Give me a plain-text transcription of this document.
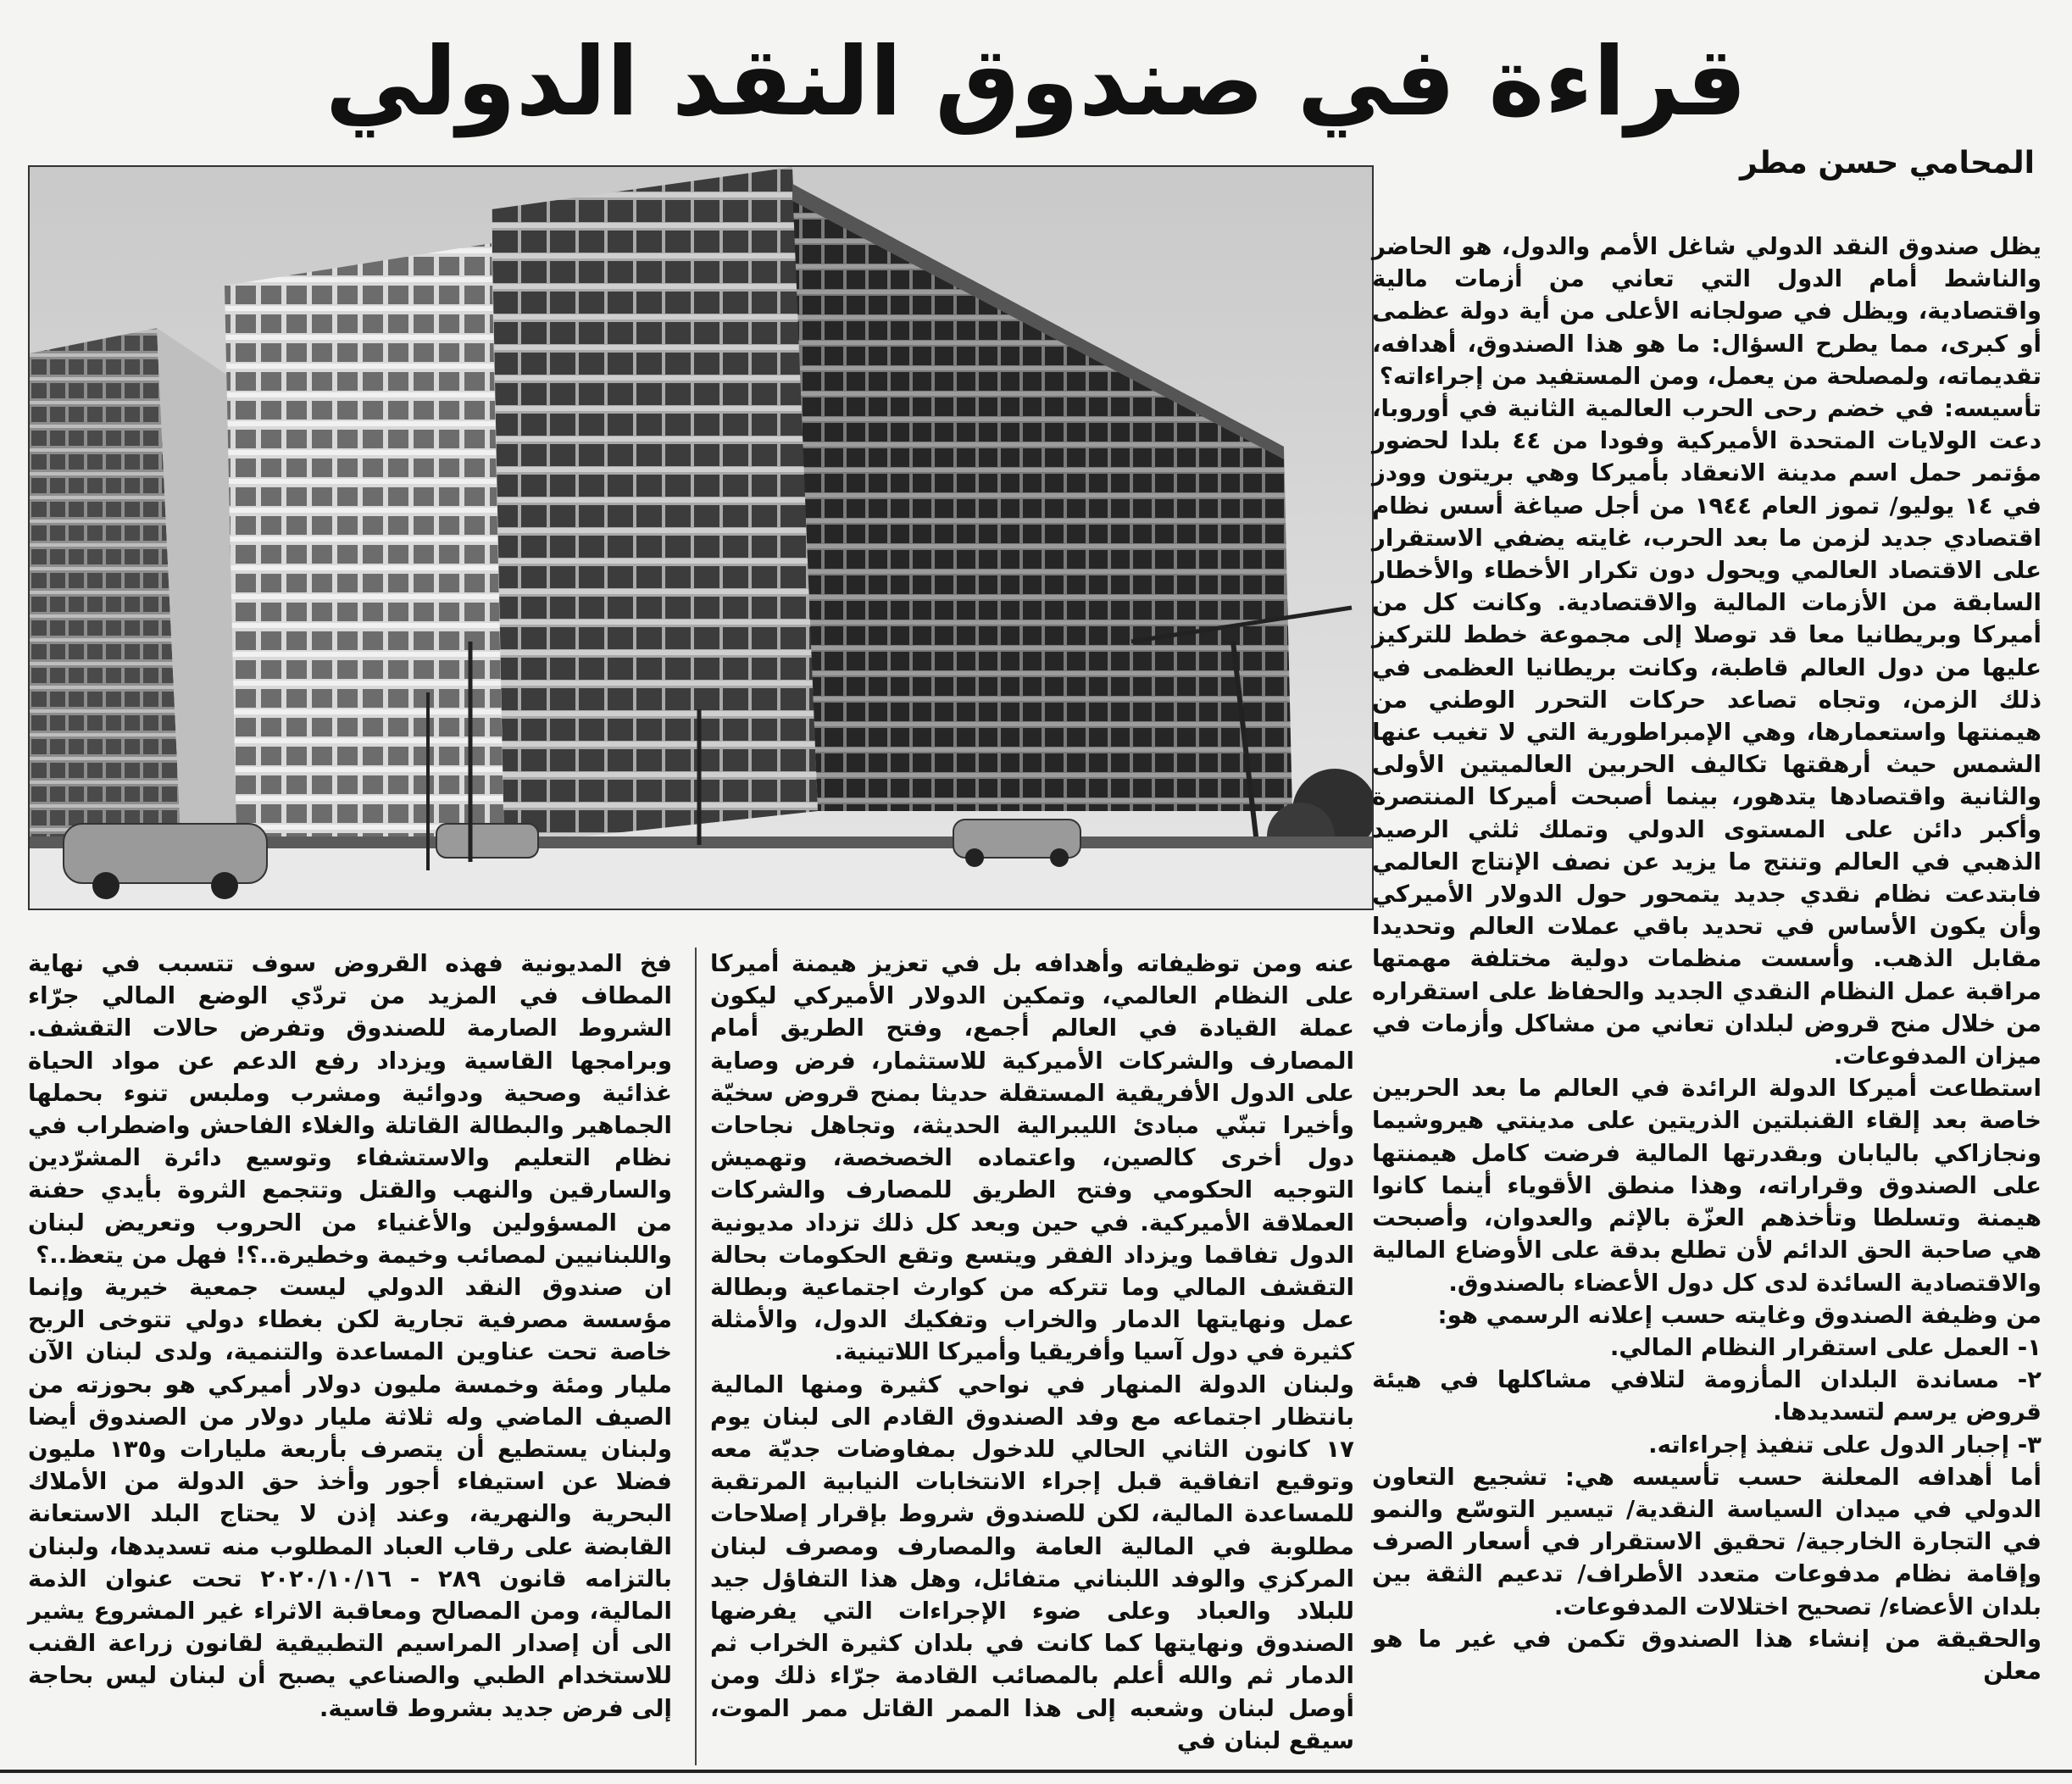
قراءة في صندوق النقد الدولي
المحامي حسن مطر

يظل صندوق النقد الدولي شاغل الأمم والدول، هو الحاضر والناشط أمام الدول التي تعاني من أزمات مالية واقتصادية، ويظل في صولجانه الأعلى من أية دولة عظمى أو كبرى، مما يطرح السؤال: ما هو هذا الصندوق، أهدافه، تقديماته، ولمصلحة من يعمل، ومن المستفيد من إجراءاته؟

تأسيسه: في خضم رحى الحرب العالمية الثانية في أوروبا، دعت الولايات المتحدة الأميركية وفودا من ٤٤ بلدا لحضور مؤتمر حمل اسم مدينة الانعقاد بأميركا وهي بريتون وودز في ١٤ يوليو/ تموز العام ١٩٤٤ من أجل صياغة أسس نظام اقتصادي جديد لزمن ما بعد الحرب، غايته يضفي الاستقرار على الاقتصاد العالمي ويحول دون تكرار الأخطاء والأخطار السابقة من الأزمات المالية والاقتصادية. وكانت كل من أميركا وبريطانيا معا قد توصلا إلى مجموعة خطط للتركيز عليها من دول العالم قاطبة، وكانت بريطانيا العظمى في ذلك الزمن، وتجاه تصاعد حركات التحرر الوطني من هيمنتها واستعمارها، وهي الإمبراطورية التي لا تغيب عنها الشمس حيث أرهقتها تكاليف الحربين العالميتين الأولى والثانية واقتصادها يتدهور، بينما أصبحت أميركا المنتصرة وأكبر دائن على المستوى الدولي وتملك ثلثي الرصيد الذهبي في العالم وتنتج ما يزيد عن نصف الإنتاج العالمي فابتدعت نظام نقدي جديد يتمحور حول الدولار الأميركي وأن يكون الأساس في تحديد باقي عملات العالم وتحديدا مقابل الذهب. وأسست منظمات دولية مختلفة مهمتها مراقبة عمل النظام النقدي الجديد والحفاظ على استقراره من خلال منح قروض لبلدان تعاني من مشاكل وأزمات في ميزان المدفوعات.

استطاعت أميركا الدولة الرائدة في العالم ما بعد الحربين خاصة بعد إلقاء القنبلتين الذريتين على مدينتي هيروشيما ونجازاكي باليابان وبقدرتها المالية فرضت كامل هيمنتها على الصندوق وقراراته، وهذا منطق الأقوياء أينما كانوا هيمنة وتسلطا وتأخذهم العزّة بالإثم والعدوان، وأصبحت هي صاحبة الحق الدائم لأن تطلع بدقة على الأوضاع المالية والاقتصادية السائدة لدى كل دول الأعضاء بالصندوق.

من وظيفة الصندوق وغايته حسب إعلانه الرسمي هو:

١- العمل على استقرار النظام المالي.

٢- مساندة البلدان المأزومة لتلافي مشاكلها في هيئة قروض يرسم لتسديدها.

٣- إجبار الدول على تنفيذ إجراءاته.

أما أهدافه المعلنة حسب تأسيسه هي: تشجيع التعاون الدولي في ميدان السياسة النقدية/ تيسير التوسّع والنمو في التجارة الخارجية/ تحقيق الاستقرار في أسعار الصرف وإقامة نظام مدفوعات متعدد الأطراف/ تدعيم الثقة بين بلدان الأعضاء/ تصحيح اختلالات المدفوعات.

والحقيقة من إنشاء هذا الصندوق تكمن في غير ما هو معلن

عنه ومن توظيفاته وأهدافه بل في تعزيز هيمنة أميركا على النظام العالمي، وتمكين الدولار الأميركي ليكون عملة القيادة في العالم أجمع، وفتح الطريق أمام المصارف والشركات الأميركية للاستثمار، فرض وصاية على الدول الأفريقية المستقلة حديثا بمنح قروض سخيّة وأخيرا تبنّي مبادئ الليبرالية الحديثة، وتجاهل نجاحات دول أخرى كالصين، واعتماده الخصخصة، وتهميش التوجيه الحكومي وفتح الطريق للمصارف والشركات العملاقة الأميركية. في حين وبعد كل ذلك تزداد مديونية الدول تفاقما ويزداد الفقر ويتسع وتقع الحكومات بحالة التقشف المالي وما تتركه من كوارث اجتماعية وبطالة عمل ونهايتها الدمار والخراب وتفكيك الدول، والأمثلة كثيرة في دول آسيا وأفريقيا وأميركا اللاتينية.

ولبنان الدولة المنهار في نواحي كثيرة ومنها المالية بانتظار اجتماعه مع وفد الصندوق القادم الى لبنان يوم ١٧ كانون الثاني الحالي للدخول بمفاوضات جديّة معه وتوقيع اتفاقية قبل إجراء الانتخابات النيابية المرتقبة للمساعدة المالية، لكن للصندوق شروط بإقرار إصلاحات مطلوبة في المالية العامة والمصارف ومصرف لبنان المركزي والوفد اللبناني متفائل، وهل هذا التفاؤل جيد للبلاد والعباد وعلى ضوء الإجراءات التي يفرضها الصندوق ونهايتها كما كانت في بلدان كثيرة الخراب ثم الدمار ثم والله أعلم بالمصائب القادمة جرّاء ذلك ومن أوصل لبنان وشعبه إلى هذا الممر القاتل ممر الموت، سيقع لبنان في

فخ المديونية فهذه القروض سوف تتسبب في نهاية المطاف في المزيد من تردّي الوضع المالي جرّاء الشروط الصارمة للصندوق وتفرض حالات التقشف. وبرامجها القاسية ويزداد رفع الدعم عن مواد الحياة غذائية وصحية ودوائية ومشرب وملبس تنوء بحملها الجماهير والبطالة القاتلة والغلاء الفاحش واضطراب في نظام التعليم والاستشفاء وتوسيع دائرة المشرّدين والسارقين والنهب والقتل وتتجمع الثروة بأيدي حفنة من المسؤولين والأغنياء من الحروب وتعريض لبنان واللبنانيين لمصائب وخيمة وخطيرة..؟! فهل من يتعظ..؟

ان صندوق النقد الدولي ليست جمعية خيرية وإنما مؤسسة مصرفية تجارية لكن بغطاء دولي تتوخى الربح خاصة تحت عناوين المساعدة والتنمية، ولدى لبنان الآن مليار ومئة وخمسة مليون دولار أميركي هو بحوزته من الصيف الماضي وله ثلاثة مليار دولار من الصندوق أيضا ولبنان يستطيع أن يتصرف بأربعة مليارات و١٣٥ مليون فضلا عن استيفاء أجور وأخذ حق الدولة من الأملاك البحرية والنهرية، وعند إذن لا يحتاج البلد الاستعانة القابضة على رقاب العباد المطلوب منه تسديدها، ولبنان بالتزامه قانون ٢٨٩ - ٢٠٢٠/١٠/١٦ تحت عنوان الذمة المالية، ومن المصالح ومعاقبة الاثراء غير المشروع يشير الى أن إصدار المراسيم التطبيقية لقانون زراعة القنب للاستخدام الطبي والصناعي يصبح أن لبنان ليس بحاجة إلى فرض جديد بشروط قاسية.
